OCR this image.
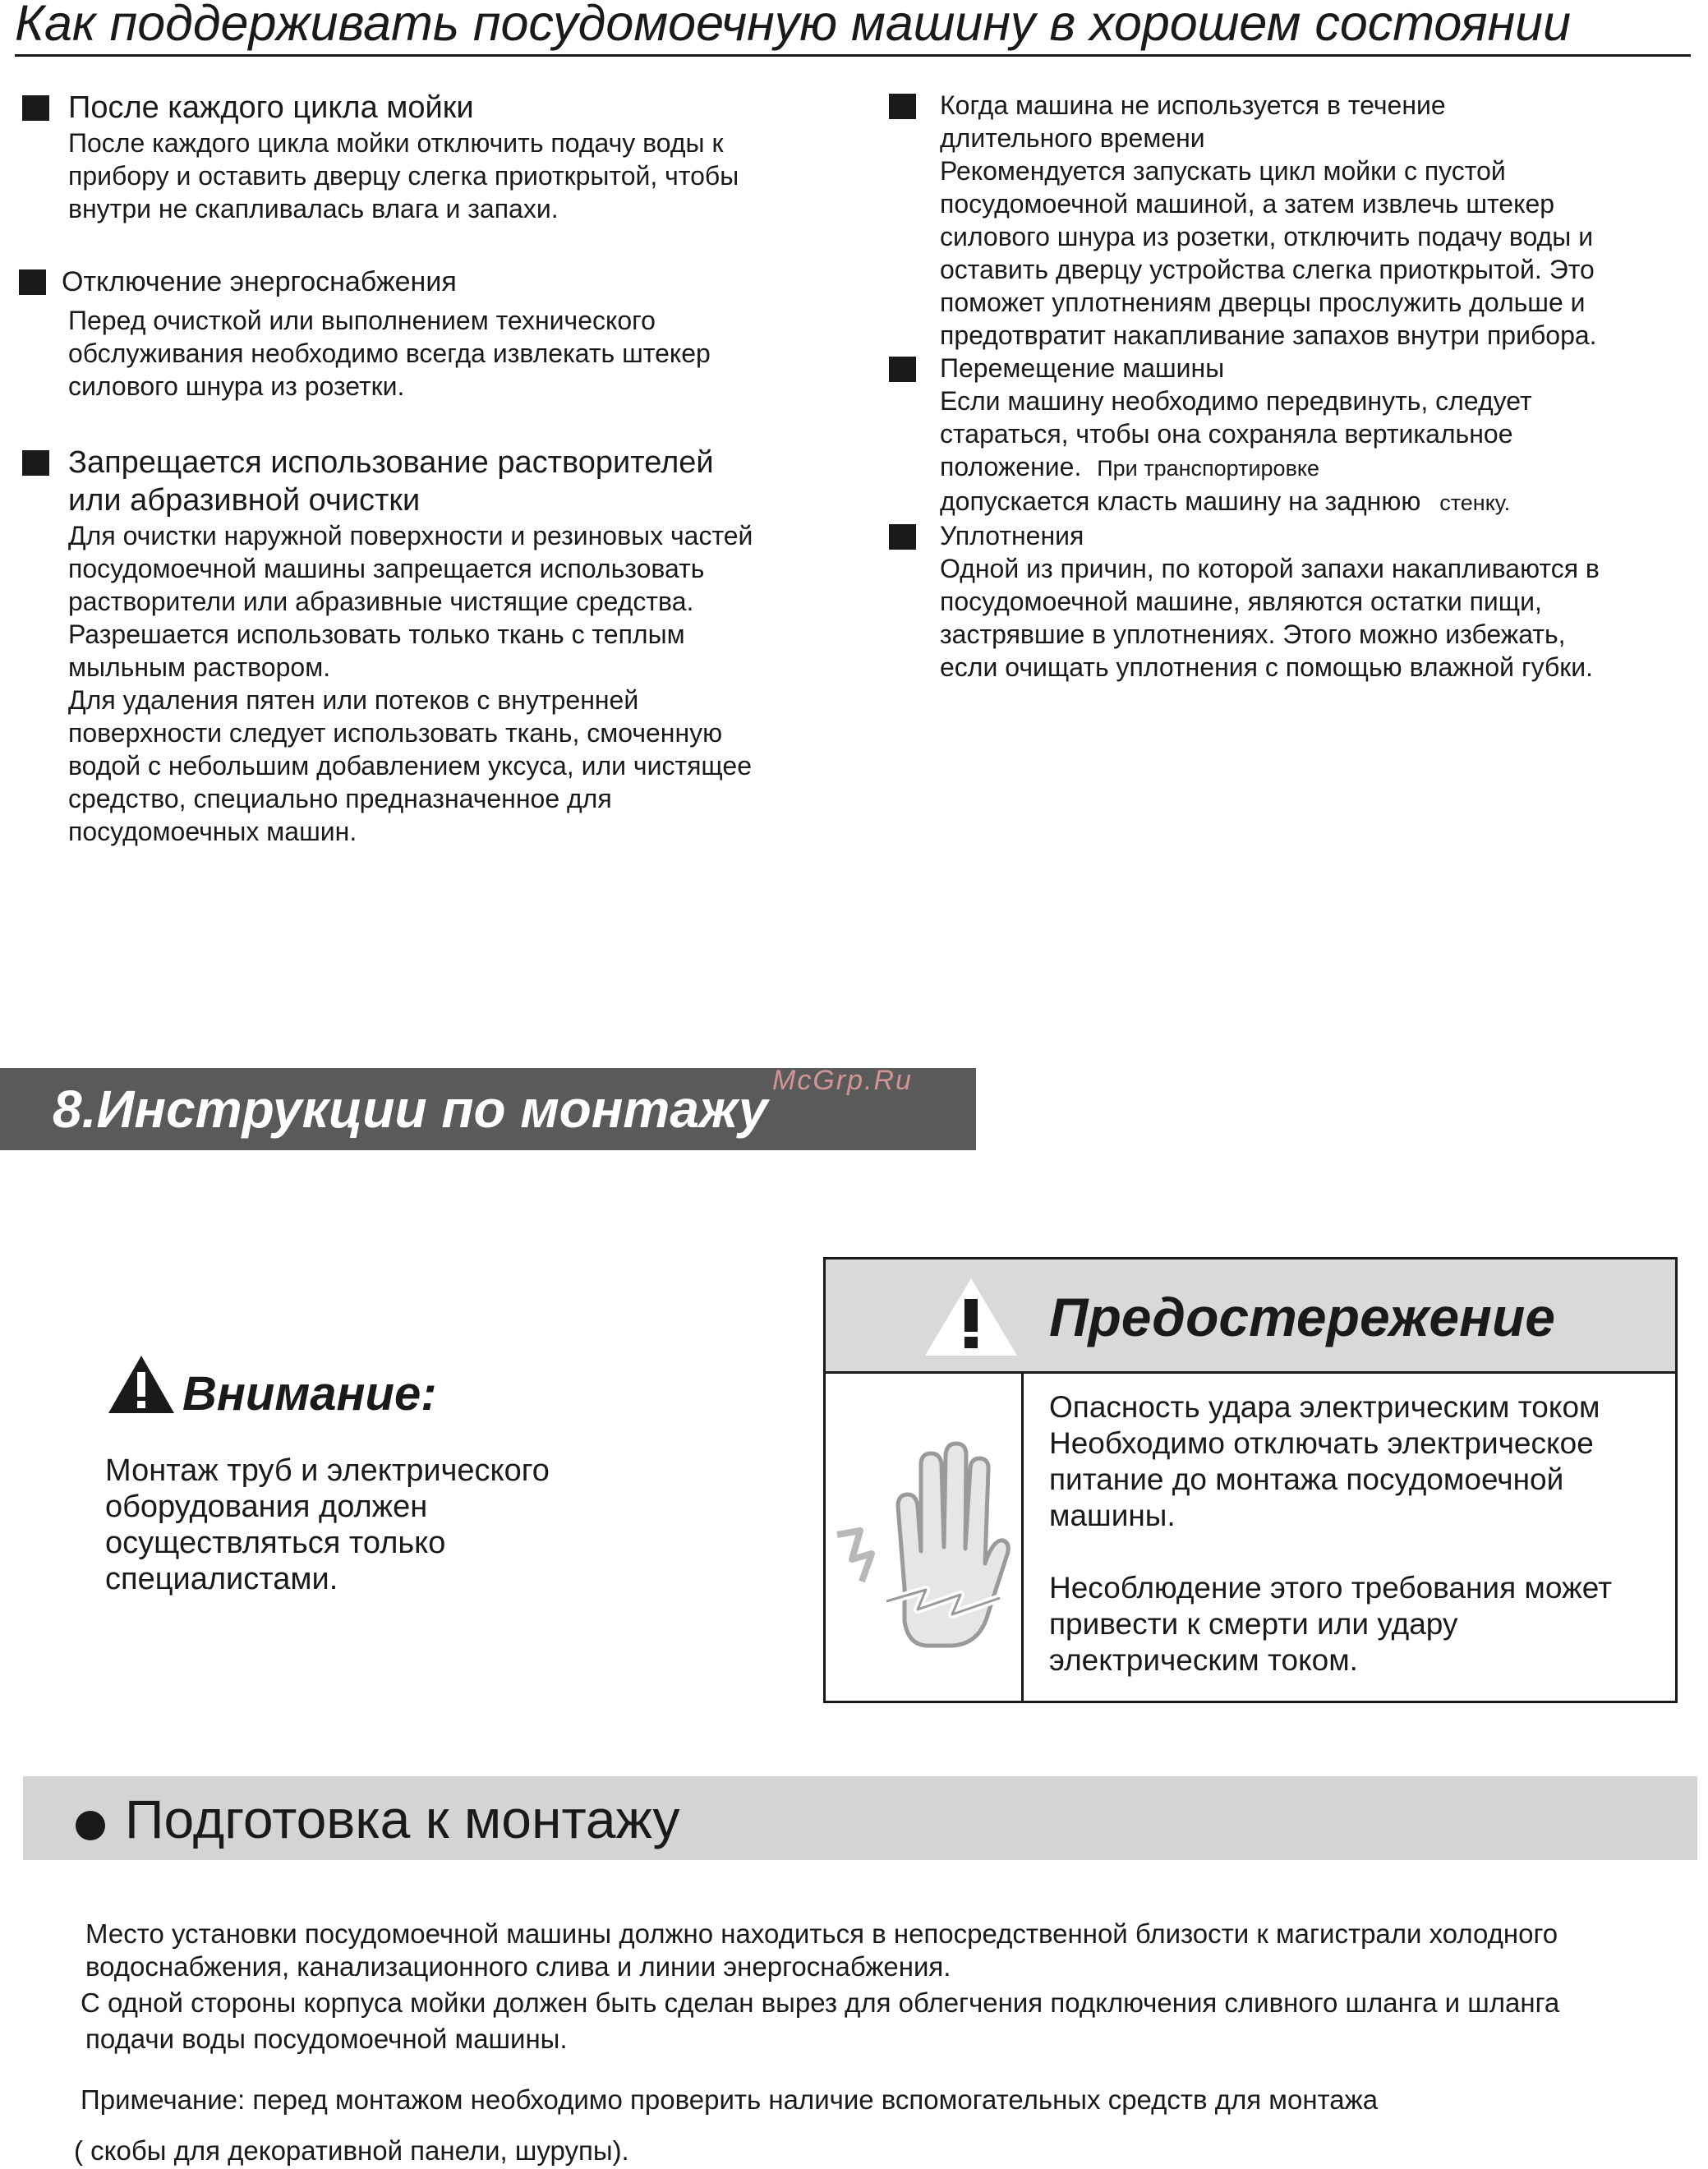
Как поддерживать посудомоечную машину в хорошем состоянии
После каждого цикла мойки
После каждого цикла мойки отключить подачу воды к
прибору и оставить дверцу слегка приоткрытой, чтобы
внутри не скапливалась влага и запахи.
Отключение энергоснабжения
Перед очисткой или выполнением технического
обслуживания необходимо всегда извлекать штекер
силового шнура из розетки.
Запрещается использование растворителей
или абразивной очистки
Для очистки наружной поверхности и резиновых частей
посудомоечной машины запрещается использовать
растворители или абразивные чистящие средства.
Разрешается использовать только ткань с теплым
мыльным раствором.
Для удаления пятен или потеков с внутренней
поверхности следует использовать ткань, смоченную
водой с небольшим добавлением уксуса, или чистящее
средство, специально предназначенное для
посудомоечных машин.
Когда машина не используется в течение
длительного времени
Рекомендуется запускать цикл мойки с пустой
посудомоечной машиной, а затем извлечь штекер
силового шнура из розетки, отключить подачу воды и
оставить дверцу устройства слегка приоткрытой. Это
поможет уплотнениям дверцы прослужить дольше и
предотвратит накапливание запахов внутри прибора.
Перемещение машины
Если машину необходимо передвинуть, следует
стараться, чтобы она сохраняла вертикальное
положение. При транспортировке
допускается класть машину на заднюю стенку.
Уплотнения
Одной из причин, по которой запахи накапливаются в
посудомоечной машине, являются остатки пищи,
застрявшие в уплотнениях. Этого можно избежать,
если очищать уплотнения с помощью влажной губки.
8.Инструкции по монтажу McGrp.Ru
Внимание:
Монтаж труб и электрического
оборудования должен
осуществляться только
специалистами.
Предостережение

Опасность удара электрическим током
Необходимо отключать электрическое
питание до монтажа посудомоечной
машины.

Несоблюдение этого требования может
привести к смерти или удару
электрическим током.

Подготовка к монтажу
Место установки посудомоечной машины должно находиться в непосредственной близости к магистрали холодного
водоснабжения, канализационного слива и линии энергоснабжения.
С одной стороны корпуса мойки должен быть сделан вырез для облегчения подключения сливного шланга и шланга
подачи воды посудомоечной машины.
Примечание: перед монтажом необходимо проверить наличие вспомогательных средств для монтажа
( скобы для декоративной панели, шурупы).
